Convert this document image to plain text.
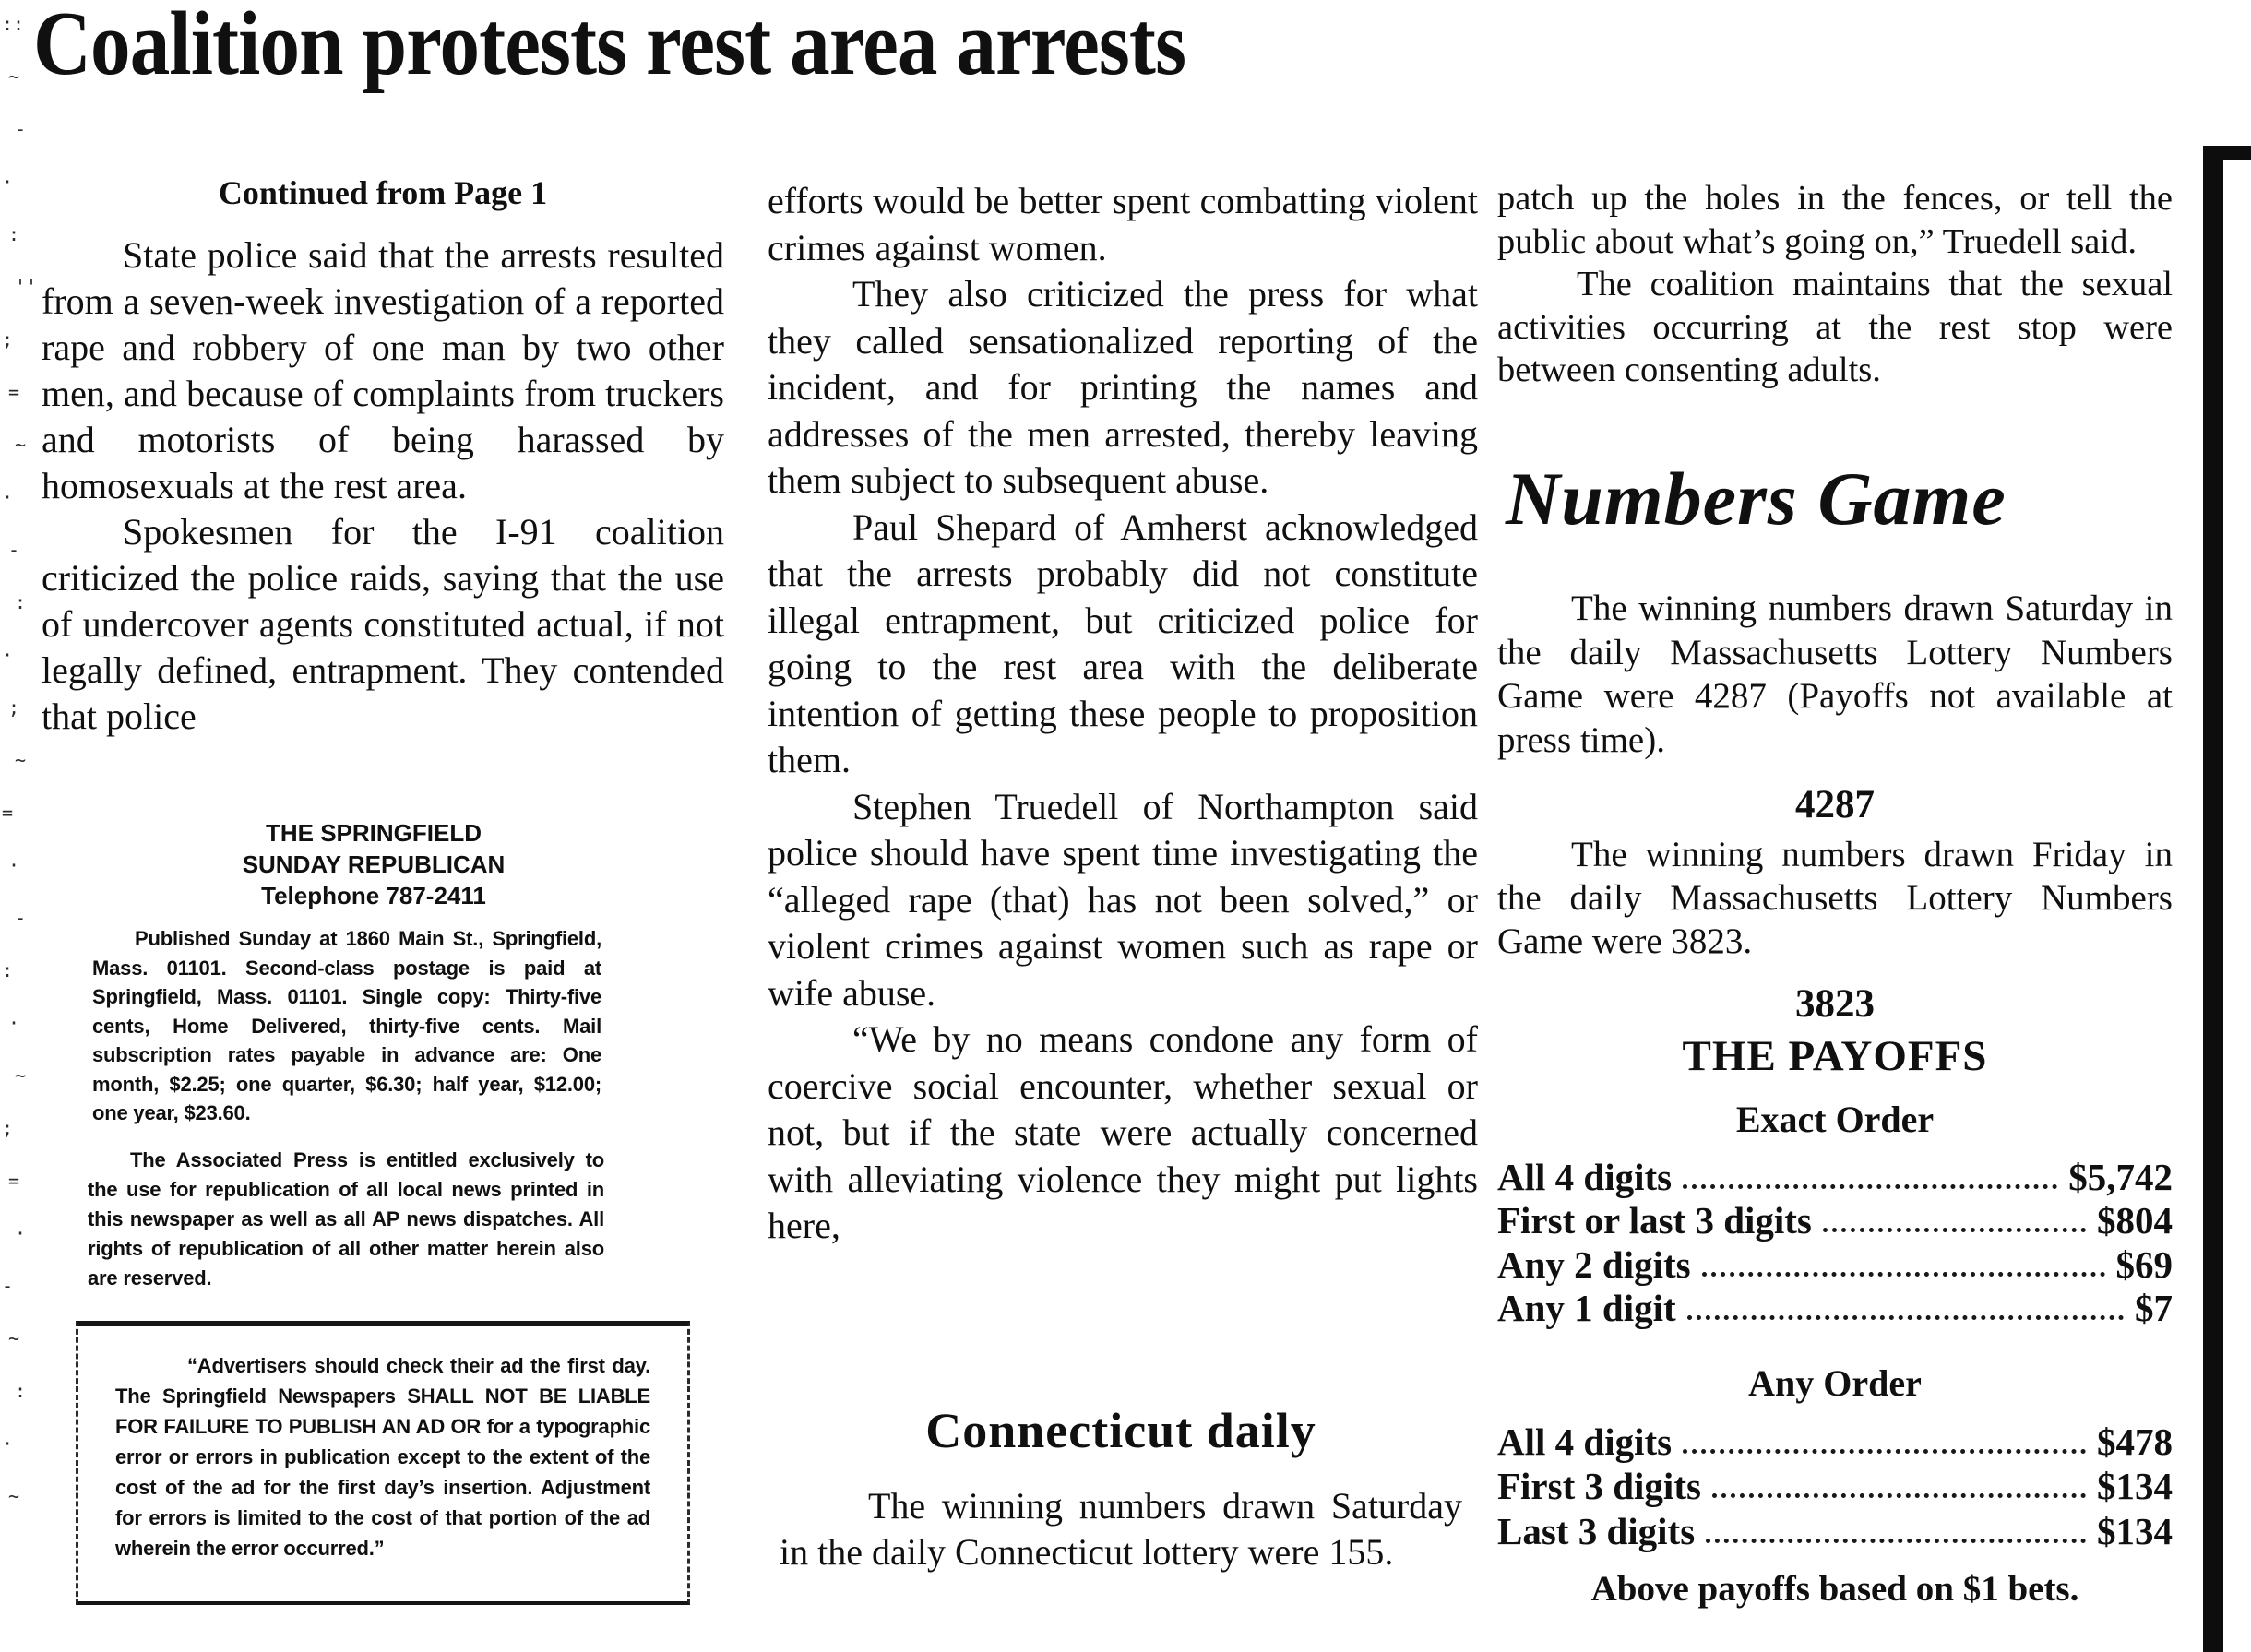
::
~
-
·
:
''
;
=
~
·
-
:
·
;
~
=
·
-
:
·
~
;
=
·
-
~
:
·
~
Coalition protests rest area arrests
Continued from Page 1

State police said that the arrests resulted from a seven-week investigation of a reported rape and robbery of one man by two other men, and because of complaints from truckers and motorists of being harassed by homosexuals at the rest area.

Spokesmen for the I-91 coalition criticized the police raids, saying that the use of undercover agents constituted actual, if not legally defined, entrapment. They contended that police

THE SPRINGFIELD
SUNDAY REPUBLICAN
Telephone 787-2411

Published Sunday at 1860 Main St., Springfield, Mass. 01101. Second-class postage is paid at Springfield, Mass. 01101. Single copy: Thirty-five cents, Home Delivered, thirty-five cents. Mail subscription rates payable in advance are: One month, $2.25; one quarter, $6.30; half year, $12.00; one year, $23.60.

The Associated Press is entitled exclusively to the use for republication of all local news printed in this newspaper as well as all AP news dispatches. All rights of republication of all other matter herein also are reserved.

“Advertisers should check their ad the first day. The Springfield Newspapers SHALL NOT BE LIABLE FOR FAILURE TO PUBLISH AN AD OR for a typographic error or errors in publication except to the extent of the cost of the ad for the first day’s insertion. Adjustment for errors is limited to the cost of that portion of the ad wherein the error occurred.”

efforts would be better spent combatting violent crimes against women.

They also criticized the press for what they called sensationalized reporting of the incident, and for printing the names and addresses of the men arrested, thereby leaving them subject to subsequent abuse.

Paul Shepard of Amherst acknowledged that the arrests probably did not constitute illegal entrapment, but criticized police for going to the rest area with the deliberate intention of getting these people to proposition them.

Stephen Truedell of Northampton said police should have spent time investigating the “alleged rape (that) has not been solved,” or violent crimes against women such as rape or wife abuse.

“We by no means condone any form of coercive social encounter, whether sexual or not, but if the state were actually concerned with alleviating violence they might put lights here,

Connecticut daily

The winning numbers drawn Saturday in the daily Connecticut lottery were 155.

patch up the holes in the fences, or tell the public about what’s going on,” Truedell said.

The coalition maintains that the sexual activities occurring at the rest stop were between consenting adults.

Numbers Game

The winning numbers drawn Saturday in the daily Massachusetts Lottery Numbers Game were 4287 (Payoffs not available at press time).

4287

The winning numbers drawn Friday in the daily Massachusetts Lottery Numbers Game were 3823.

3823
THE PAYOFFS
Exact Order
All 4 digits	$5,742
First or last 3 digits	$804
Any 2 digits	$69
Any 1 digit	$7
Any Order
All 4 digits	$478
First 3 digits	$134
Last 3 digits	$134
Above payoffs based on $1 bets.
